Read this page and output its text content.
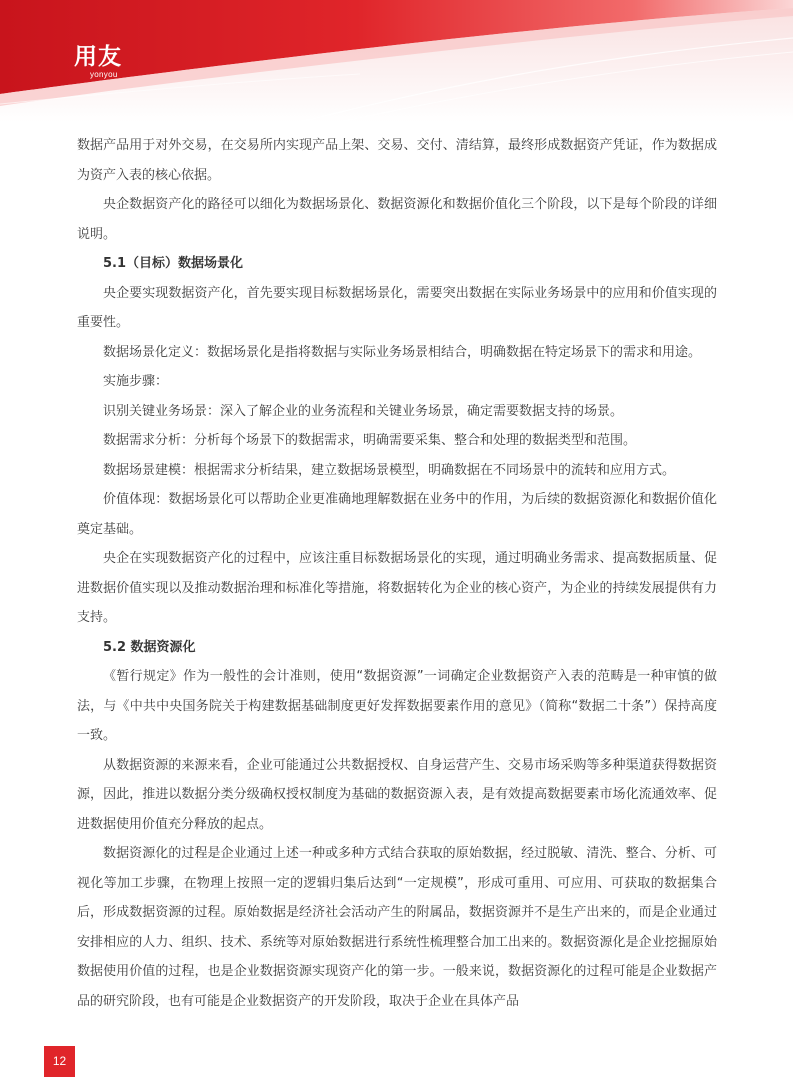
用友
yonyou

数据产品用于对外交易，在交易所内实现产品上架、交易、交付、清结算，最终形成数据资产凭证，作为数据成为资产入表的核心依据。

央企数据资产化的路径可以细化为数据场景化、数据资源化和数据价值化三个阶段，以下是每个阶段的详细说明。

5.1（目标）数据场景化

央企要实现数据资产化，首先要实现目标数据场景化，需要突出数据在实际业务场景中的应用和价值实现的重要性。

数据场景化定义：数据场景化是指将数据与实际业务场景相结合，明确数据在特定场景下的需求和用途。

实施步骤：

识别关键业务场景：深入了解企业的业务流程和关键业务场景，确定需要数据支持的场景。

数据需求分析：分析每个场景下的数据需求，明确需要采集、整合和处理的数据类型和范围。

数据场景建模：根据需求分析结果，建立数据场景模型，明确数据在不同场景中的流转和应用方式。

价值体现：数据场景化可以帮助企业更准确地理解数据在业务中的作用，为后续的数据资源化和数据价值化奠定基础。

央企在实现数据资产化的过程中，应该注重目标数据场景化的实现，通过明确业务需求、提高数据质量、促进数据价值实现以及推动数据治理和标准化等措施，将数据转化为企业的核心资产，为企业的持续发展提供有力支持。

5.2 数据资源化

《暂行规定》作为一般性的会计准则，使用“数据资源”一词确定企业数据资产入表的范畴是一种审慎的做法，与《中共中央国务院关于构建数据基础制度更好发挥数据要素作用的意见》（简称“数据二十条”）保持高度一致。

从数据资源的来源来看，企业可能通过公共数据授权、自身运营产生、交易市场采购等多种渠道获得数据资源，因此，推进以数据分类分级确权授权制度为基础的数据资源入表，是有效提高数据要素市场化流通效率、促进数据使用价值充分释放的起点。

数据资源化的过程是企业通过上述一种或多种方式结合获取的原始数据，经过脱敏、清洗、整合、分析、可视化等加工步骤，在物理上按照一定的逻辑归集后达到“一定规模”，形成可重用、可应用、可获取的数据集合后，形成数据资源的过程。原始数据是经济社会活动产生的附属品，数据资源并不是生产出来的，而是企业通过安排相应的人力、组织、技术、系统等对原始数据进行系统性梳理整合加工出来的。数据资源化是企业挖掘原始数据使用价值的过程，也是企业数据资源实现资产化的第一步。一般来说，数据资源化的过程可能是企业数据产品的研究阶段，也有可能是企业数据资产的开发阶段，取决于企业在具体产品

12
